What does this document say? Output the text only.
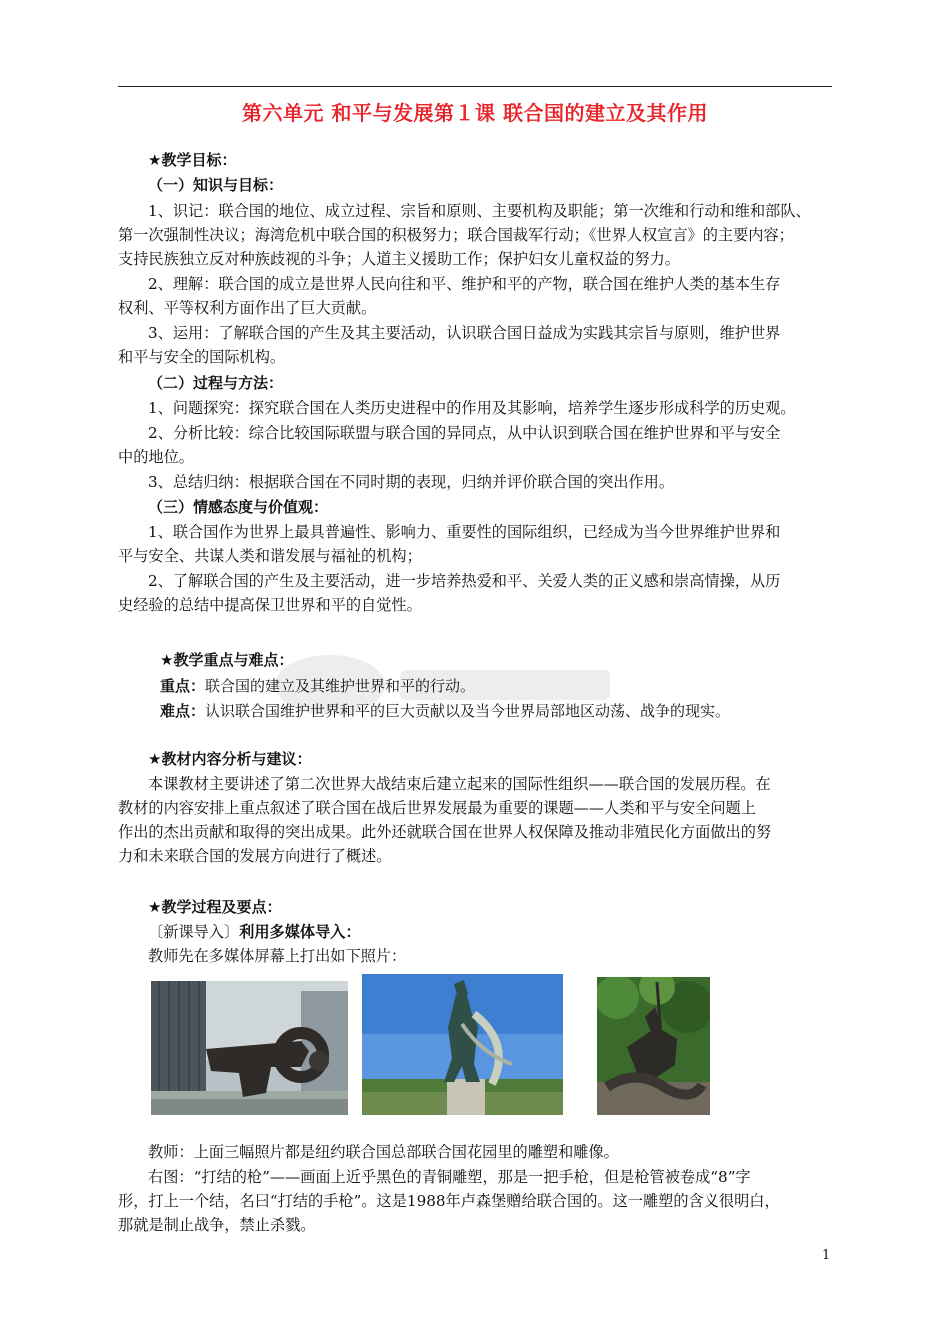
第六单元 和平与发展第１课 联合国的建立及其作用
★教学目标：
（一）知识与目标：
1、识记：联合国的地位、成立过程、宗旨和原则、主要机构及职能；第一次维和行动和维和部队、
第一次强制性决议；海湾危机中联合国的积极努力；联合国裁军行动；《世界人权宣言》的主要内容；
支持民族独立反对种族歧视的斗争；人道主义援助工作；保护妇女儿童权益的努力。
2、理解：联合国的成立是世界人民向往和平、维护和平的产物，联合国在维护人类的基本生存
权利、平等权利方面作出了巨大贡献。
3、运用：了解联合国的产生及其主要活动，认识联合国日益成为实践其宗旨与原则，维护世界
和平与安全的国际机构。
（二）过程与方法：
1、问题探究：探究联合国在人类历史进程中的作用及其影响，培养学生逐步形成科学的历史观。
2、分析比较：综合比较国际联盟与联合国的异同点，从中认识到联合国在维护世界和平与安全
中的地位。
3、总结归纳：根据联合国在不同时期的表现，归纳并评价联合国的突出作用。
（三）情感态度与价值观：
1、联合国作为世界上最具普遍性、影响力、重要性的国际组织，已经成为当今世界维护世界和
平与安全、共谋人类和谐发展与福祉的机构；
2、了解联合国的产生及主要活动，进一步培养热爱和平、关爱人类的正义感和崇高情操，从历
史经验的总结中提高保卫世界和平的自觉性。
★教学重点与难点：
重点：联合国的建立及其维护世界和平的行动。
难点：认识联合国维护世界和平的巨大贡献以及当今世界局部地区动荡、战争的现实。
★教材内容分析与建议：
本课教材主要讲述了第二次世界大战结束后建立起来的国际性组织——联合国的发展历程。在
教材的内容安排上重点叙述了联合国在战后世界发展最为重要的课题——人类和平与安全问题上
作出的杰出贡献和取得的突出成果。此外还就联合国在世界人权保障及推动非殖民化方面做出的努
力和未来联合国的发展方向进行了概述。
★教学过程及要点：
〔新课导入〕利用多媒体导入：
教师先在多媒体屏幕上打出如下照片：
教师：上面三幅照片都是纽约联合国总部联合国花园里的雕塑和雕像。
右图：“打结的枪”——画面上近乎黑色的青铜雕塑，那是一把手枪，但是枪管被卷成“8”字
形，打上一个结，名曰“打结的手枪”。这是1988年卢森堡赠给联合国的。这一雕塑的含义很明白，
那就是制止战争，禁止杀戮。
1
